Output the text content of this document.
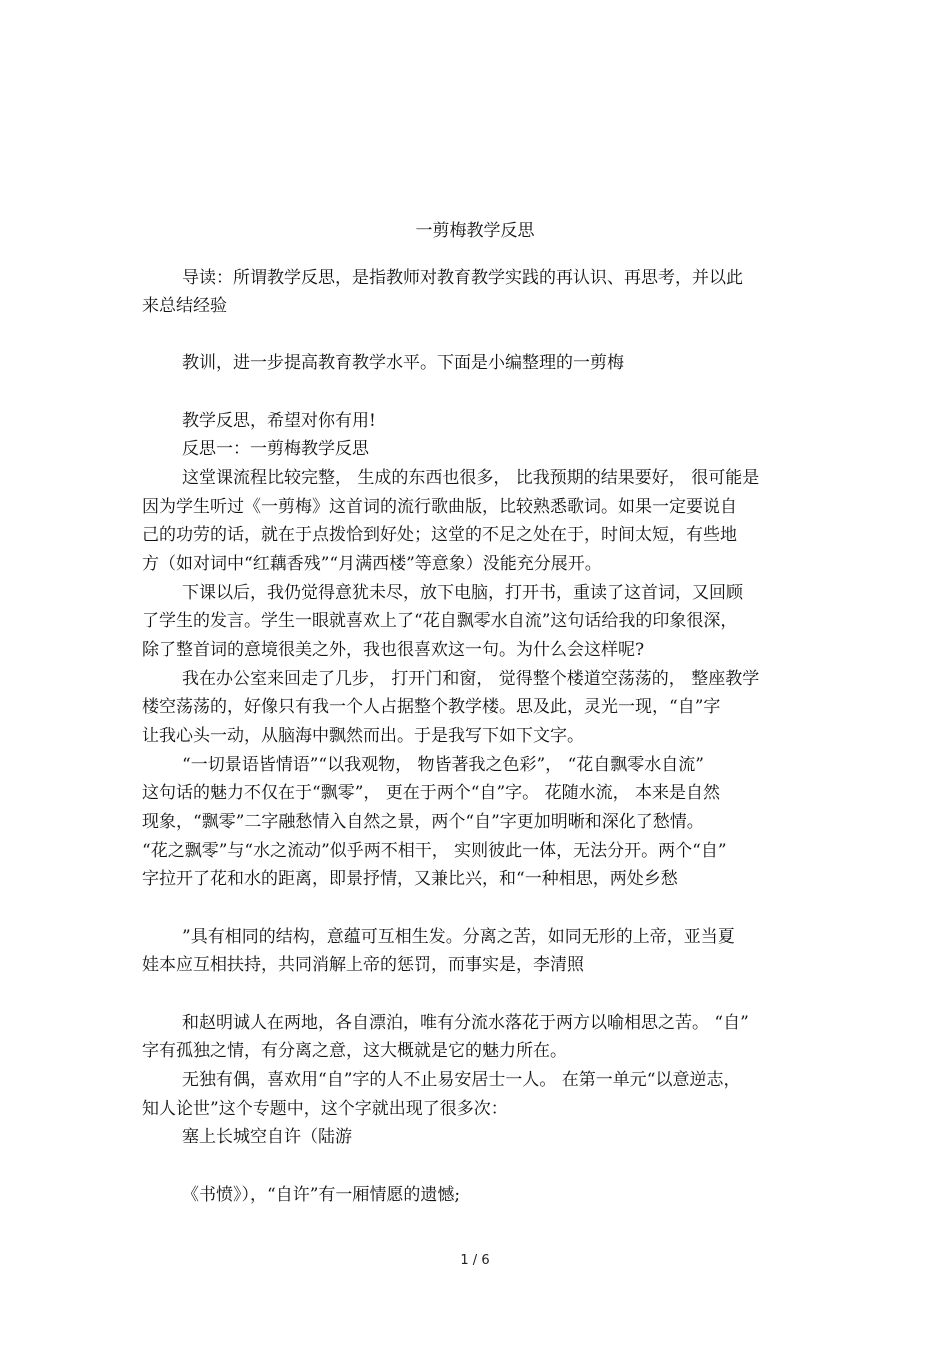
一剪梅教学反思
导读：所谓教学反思，是指教师对教育教学实践的再认识、再思考，并以此
来总结经验
教训，进一步提高教育教学水平。下面是小编整理的一剪梅
教学反思，希望对你有用!
反思一：一剪梅教学反思
这堂课流程比较完整， 生成的东西也很多， 比我预期的结果要好， 很可能是
因为学生听过《一剪梅》这首词的流行歌曲版，比较熟悉歌词。如果一定要说自
己的功劳的话，就在于点拨恰到好处；这堂的不足之处在于，时间太短，有些地
方（如对词中“红藕香残”“月满西楼”等意象）没能充分展开。
下课以后，我仍觉得意犹未尽，放下电脑，打开书，重读了这首词，又回顾
了学生的发言。学生一眼就喜欢上了“花自飘零水自流”这句话给我的印象很深，
除了整首词的意境很美之外，我也很喜欢这一句。为什么会这样呢?
我在办公室来回走了几步， 打开门和窗， 觉得整个楼道空荡荡的， 整座教学
楼空荡荡的，好像只有我一个人占据整个教学楼。思及此，灵光一现，“自”字
让我心头一动，从脑海中飘然而出。于是我写下如下文字。
“一切景语皆情语”“以我观物， 物皆著我之色彩”， “花自飘零水自流”
这句话的魅力不仅在于“飘零”， 更在于两个“自”字。 花随水流， 本来是自然
现象，“飘零”二字融愁情入自然之景，两个“自”字更加明晰和深化了愁情。
“花之飘零”与“水之流动”似乎两不相干， 实则彼此一体，无法分开。两个“自”
字拉开了花和水的距离，即景抒情，又兼比兴，和“一种相思，两处乡愁
”具有相同的结构，意蕴可互相生发。分离之苦，如同无形的上帝，亚当夏
娃本应互相扶持，共同消解上帝的惩罚，而事实是，李清照
和赵明诚人在两地，各自漂泊，唯有分流水落花于两方以喻相思之苦。 “自”
字有孤独之情，有分离之意，这大概就是它的魅力所在。
无独有偶，喜欢用“自”字的人不止易安居士一人。 在第一单元“以意逆志，
知人论世”这个专题中，这个字就出现了很多次：
塞上长城空自许（陆游
《书愤》），“自许”有一厢情愿的遗憾;
1 / 6
